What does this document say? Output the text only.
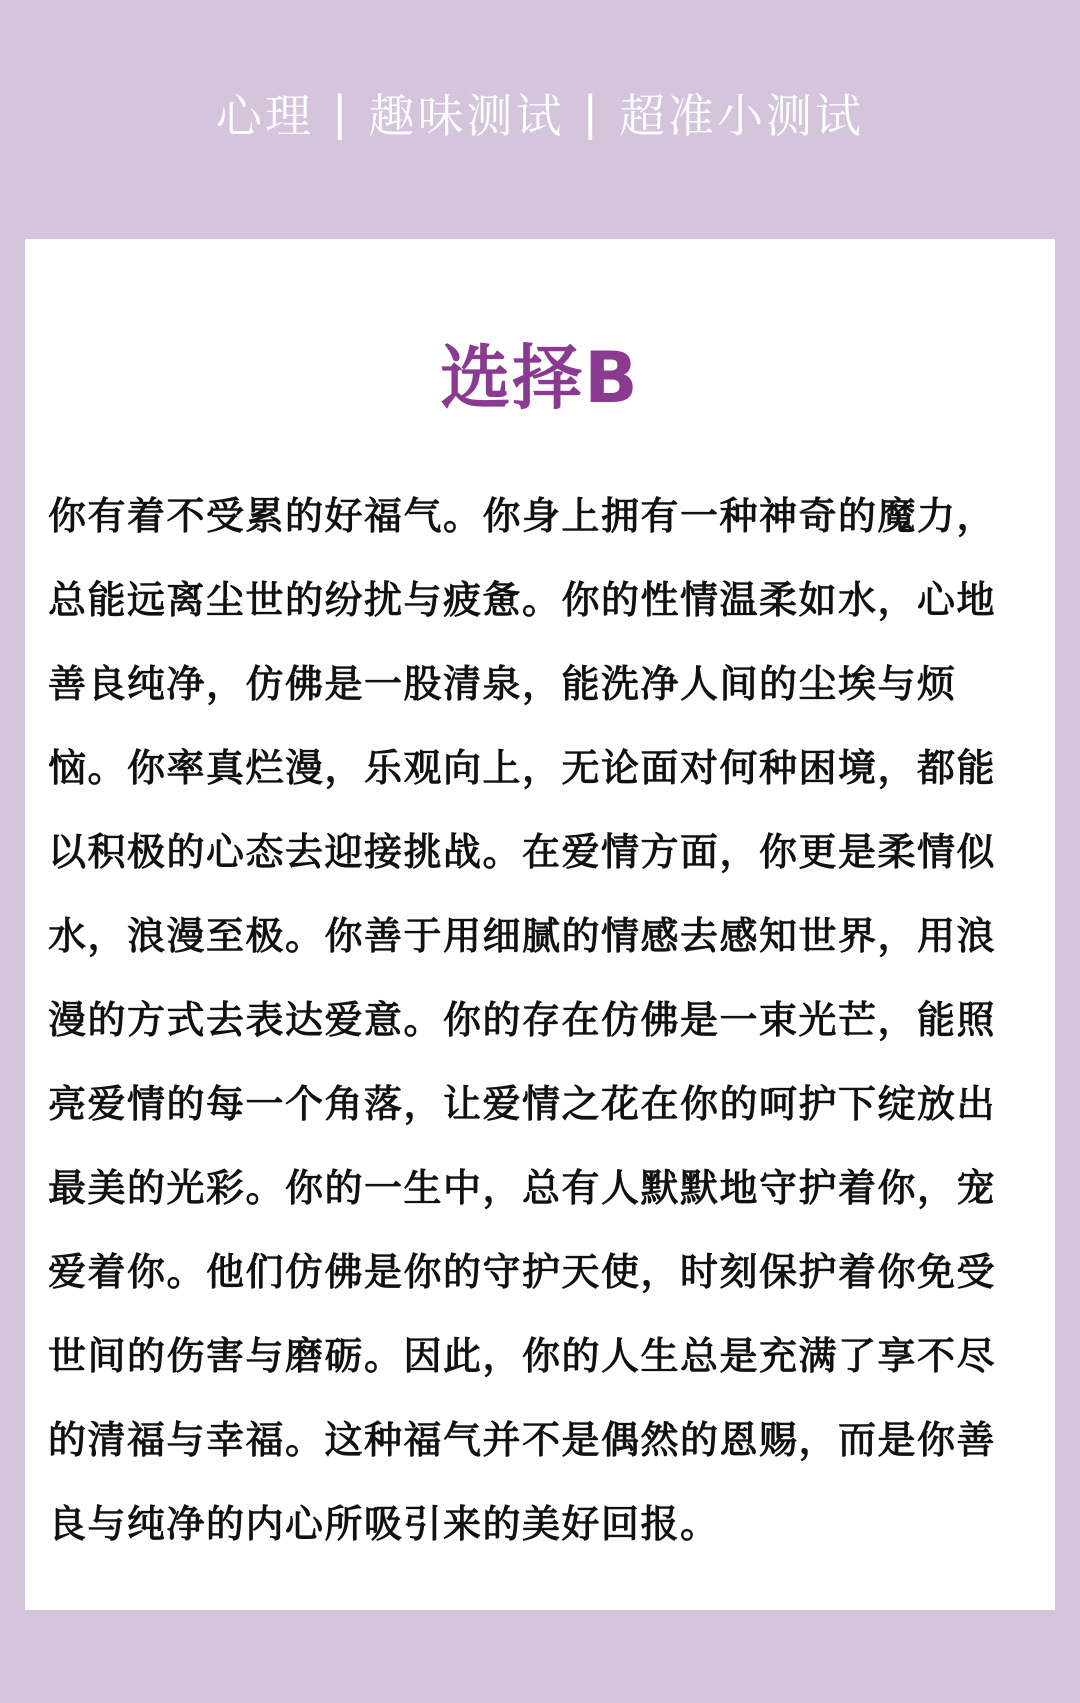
心理 | 趣味测试 | 超准小测试
选择B
你有着不受累的好福气。你身上拥有一种神奇的魔力，
总能远离尘世的纷扰与疲惫。你的性情温柔如水，心地
善良纯净，仿佛是一股清泉，能洗净人间的尘埃与烦
恼。你率真烂漫，乐观向上，无论面对何种困境，都能
以积极的心态去迎接挑战。在爱情方面，你更是柔情似
水，浪漫至极。你善于用细腻的情感去感知世界，用浪
漫的方式去表达爱意。你的存在仿佛是一束光芒，能照
亮爱情的每一个角落，让爱情之花在你的呵护下绽放出
最美的光彩。你的一生中，总有人默默地守护着你，宠
爱着你。他们仿佛是你的守护天使，时刻保护着你免受
世间的伤害与磨砺。因此，你的人生总是充满了享不尽
的清福与幸福。这种福气并不是偶然的恩赐，而是你善
良与纯净的内心所吸引来的美好回报。
